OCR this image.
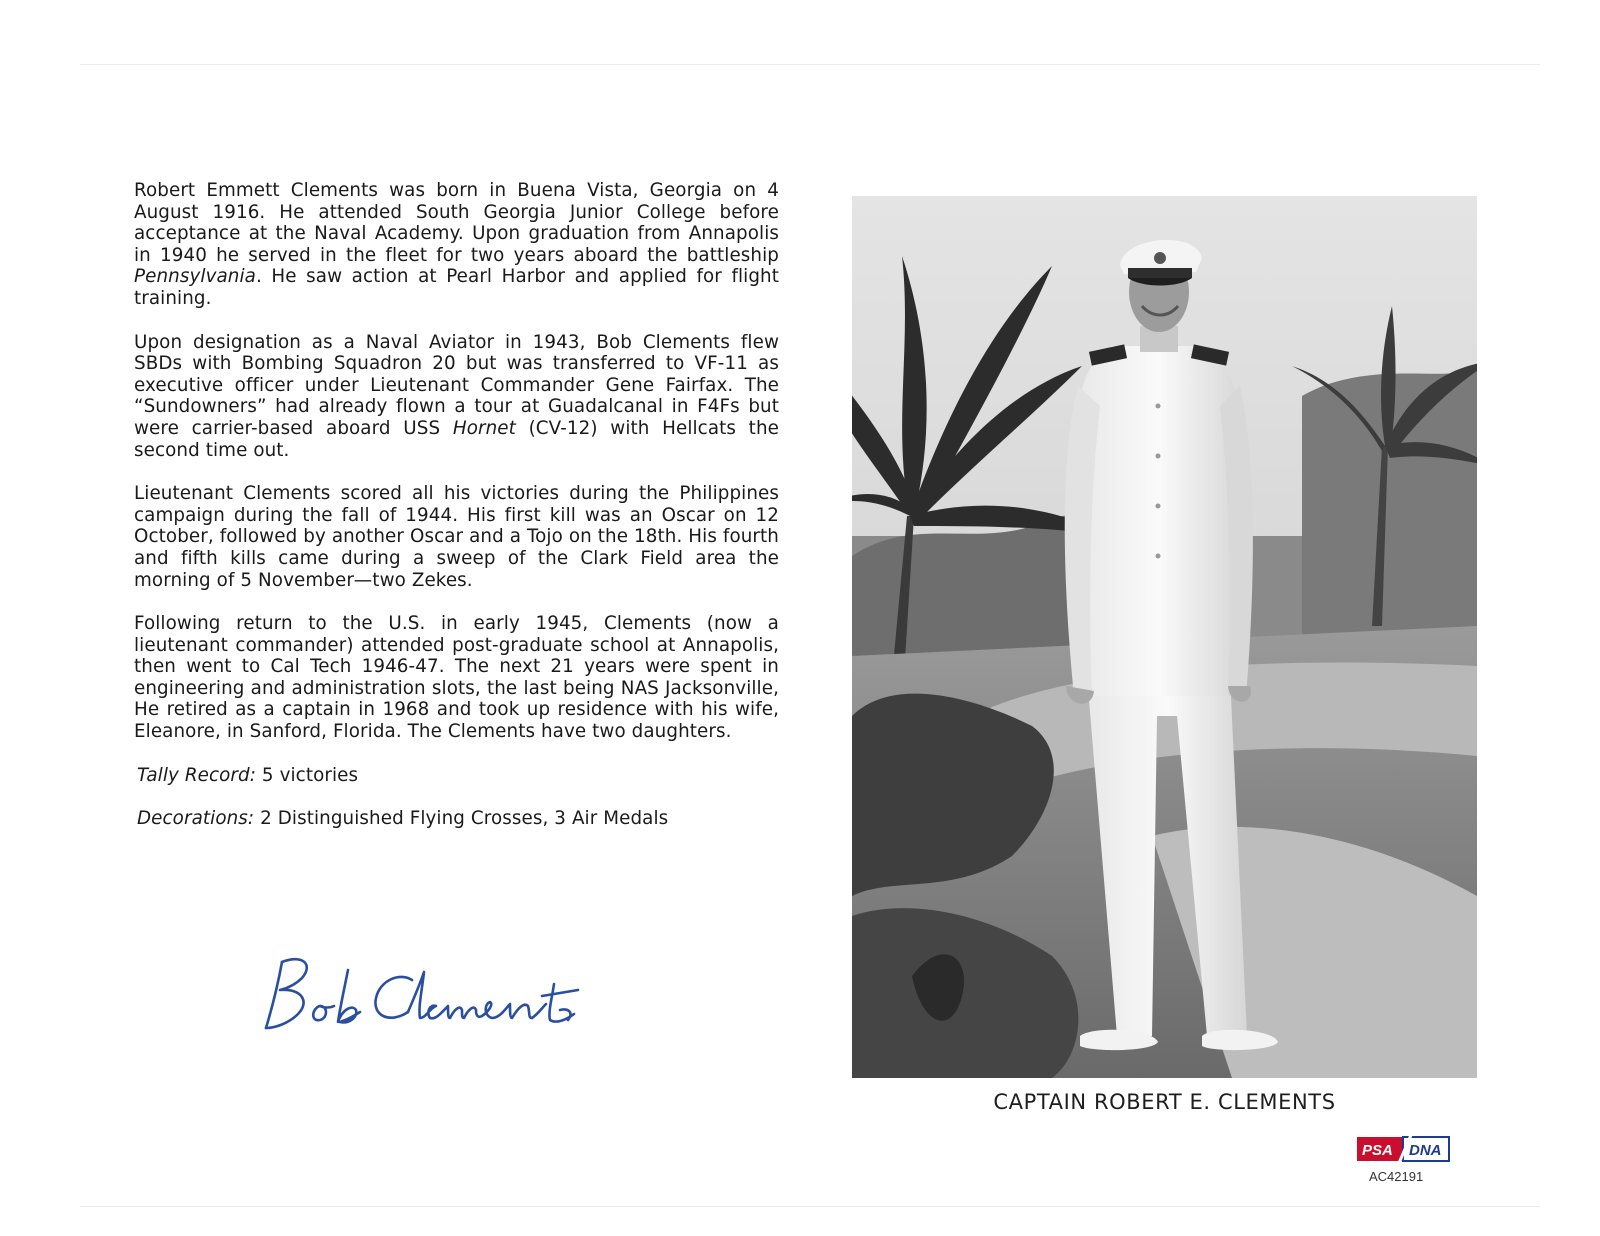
Robert Emmett Clements was born in Buena Vista, Georgia on 4 August 1916. He attended South Georgia Junior College before acceptance at the Naval Academy. Upon graduation from Annapolis in 1940 he served in the fleet for two years aboard the battleship Pennsylvania. He saw action at Pearl Harbor and applied for flight training.

Upon designation as a Naval Aviator in 1943, Bob Clements flew SBDs with Bombing Squadron 20 but was transferred to VF-11 as executive officer under Lieutenant Commander Gene Fairfax. The “Sundowners” had already flown a tour at Guadalcanal in F4Fs but were carrier-based aboard USS Hornet (CV-12) with Hellcats the second time out.

Lieutenant Clements scored all his victories during the Philippines campaign during the fall of 1944. His first kill was an Oscar on 12 October, followed by another Oscar and a Tojo on the 18th. His fourth and fifth kills came during a sweep of the Clark Field area the morning of 5 November—two Zekes.

Following return to the U.S. in early 1945, Clements (now a lieutenant commander) attended post-graduate school at Annapolis, then went to Cal Tech 1946-47. The next 21 years were spent in engineering and administration slots, the last being NAS Jacksonville, He retired as a captain in 1968 and took up residence with his wife, Eleanore, in Sanford, Florida. The Clements have two daughters.

Tally Record: 5 victories

Decorations: 2 Distinguished Flying Crosses, 3 Air Medals

CAPTAIN ROBERT E. CLEMENTS
PSA DNA
AC42191
